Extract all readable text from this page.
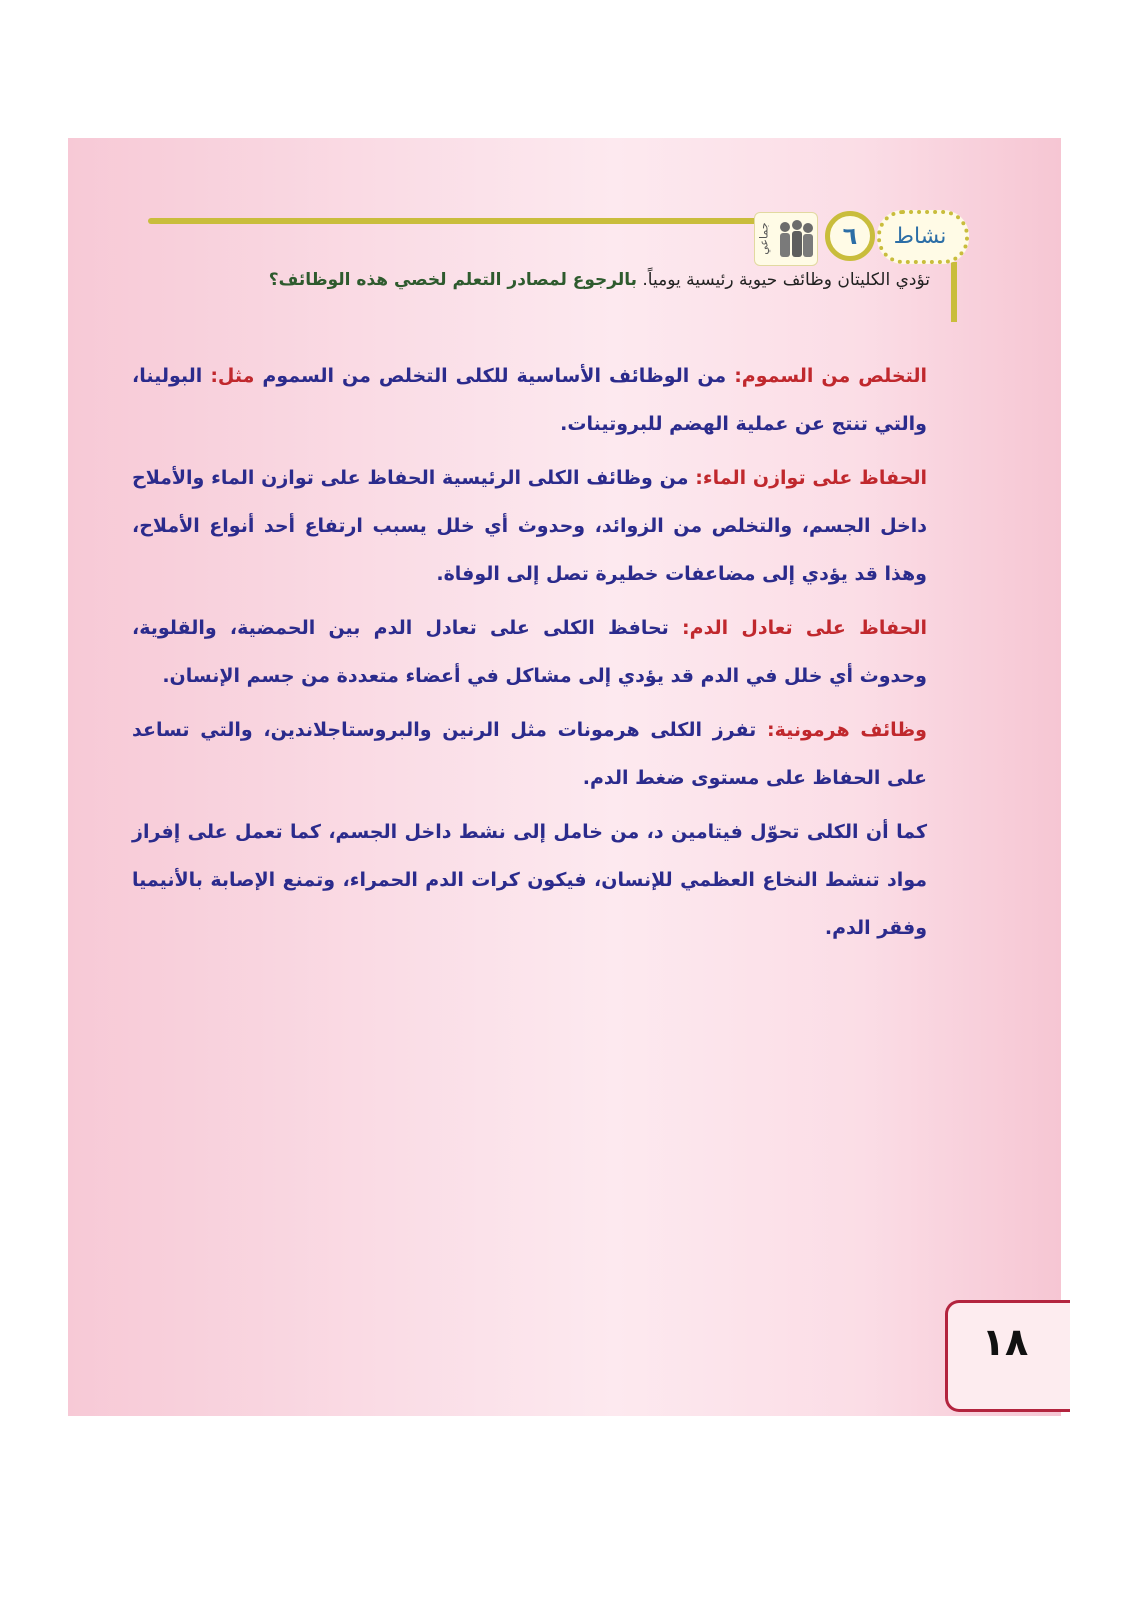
نشاط
٦
جماعي
تؤدي الكليتان وظائف حيوية رئيسية يومياً. بالرجوع لمصادر التعلم لخصي هذه الوظائف؟

التخلص من السموم: من الوظائف الأساسية للكلى التخلص من السموم مثل: البولينا، والتي تنتج عن عملية الهضم للبروتينات.

الحفاظ على توازن الماء: من وظائف الكلى الرئيسية الحفاظ على توازن الماء والأملاح داخل الجسم، والتخلص من الزوائد، وحدوث أي خلل يسبب ارتفاع أحد أنواع الأملاح، وهذا قد يؤدي إلى مضاعفات خطيرة تصل إلى الوفاة.

الحفاظ على تعادل الدم: تحافظ الكلى على تعادل الدم بين الحمضية، والقلوية، وحدوث أي خلل في الدم قد يؤدي إلى مشاكل في أعضاء متعددة من جسم الإنسان.

وظائف هرمونية: تفرز الكلى هرمونات مثل الرنين والبروستاجلاندين، والتي تساعد على الحفاظ على مستوى ضغط الدم.

كما أن الكلى تحوّل فيتامين د، من خامل إلى نشط داخل الجسم، كما تعمل على إفراز مواد تنشط النخاع العظمي للإنسان، فيكون كرات الدم الحمراء، وتمنع الإصابة بالأنيميا وفقر الدم.

١٨
